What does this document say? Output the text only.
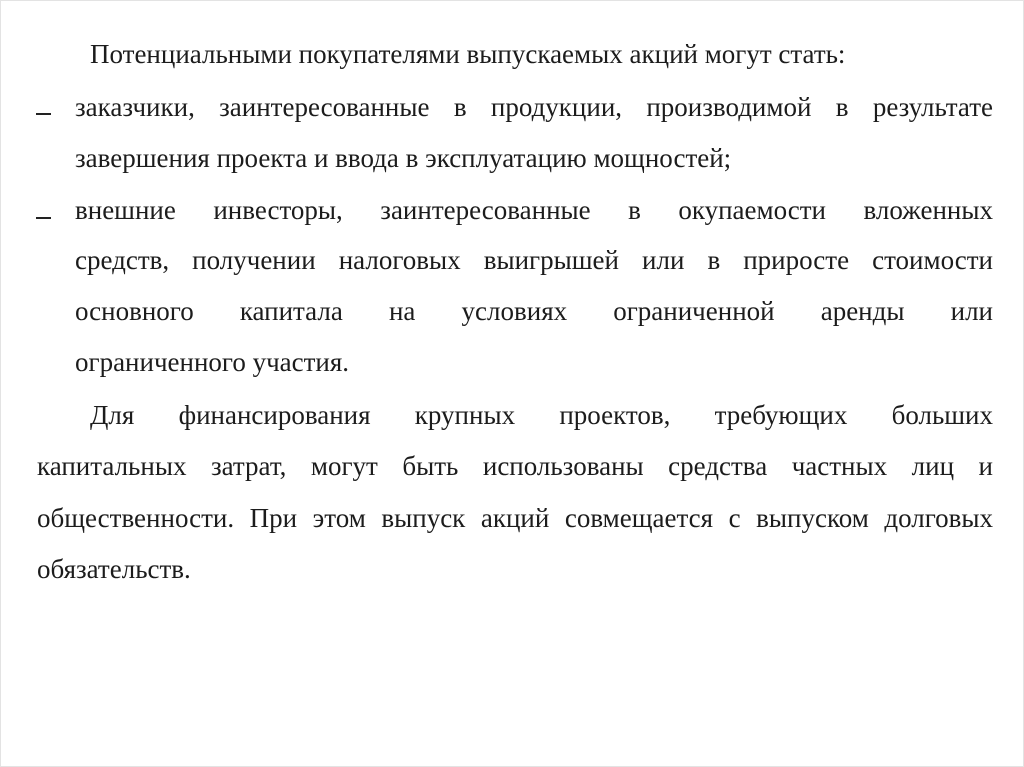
Потенциальными покупателями выпускаемых акций могут стать:

заказчики, заинтересованные в продукции, производимой в результате

завершения проекта и ввода в эксплуатацию мощностей;

внешние инвесторы, заинтересованные в окупаемости вложенных

средств, получении налоговых выигрышей или в приросте стоимости

основного капитала на условиях ограниченной аренды или

ограниченного участия.

Для финансирования крупных проектов, требующих больших

капитальных затрат, могут быть использованы средства частных лиц и

общественности. При этом выпуск акций совмещается с выпуском долговых

обязательств.
